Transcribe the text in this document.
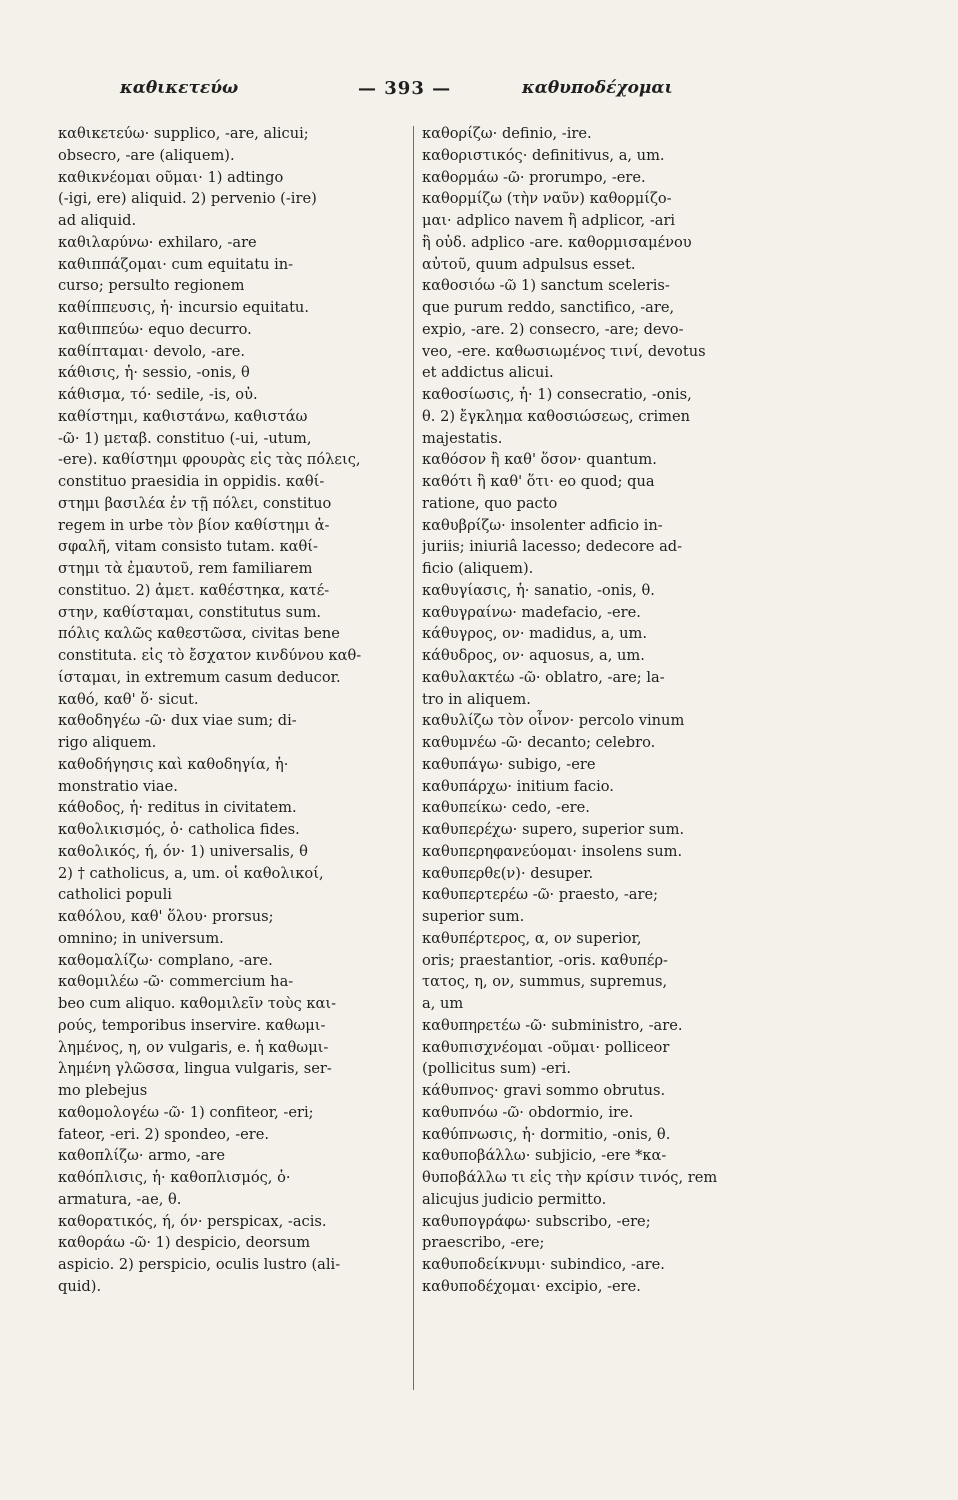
καθικετεύω	— 393 —	καθυποδέχομαι
καθικετεύω· supplico, -are, alicui;
obsecro, -are (aliquem).
καθικνέομαι οῦμαι· 1) adtingo
(-igi, ere) aliquid. 2) pervenio (-ire)
ad aliquid.
καθιλαρύνω· exhilaro, -are
καθιππάζομαι· cum equitatu in-
curso; persulto regionem
καθίππευσις, ἡ· incursio equitatu.
καθιππεύω· equo decurro.
καθίπταμαι· devolo, -are.
κάθισις, ἡ· sessio, -onis, θ
κάθισμα, τό· sedile, -is, οὐ.
καθίστημι, καθιστάνω, καθιστάω
-ῶ· 1) μεταβ. constituo (-ui, -utum,
-ere). καθίστημι φρουρὰς εἰς τὰς πόλεις,
constituo praesidia in oppidis. καθί-
στημι βασιλέα ἐν τῇ πόλει, constituo
regem in urbe τὸν βίον καθίστημι ἀ-
σφαλῆ, vitam consisto tutam. καθί-
στημι τὰ ἐμαυτοῦ, rem familiarem
constituo. 2) ἀμετ. καθέστηκα, κατέ-
στην, καθίσταμαι, constitutus sum.
πόλις καλῶς καθεστῶσα, civitas bene
constituta. εἰς τὸ ἔσχατον κινδύνου καθ-
ίσταμαι, in extremum casum deducor.
καθό, καθ' ὅ· sicut.
καθοδηγέω -ῶ· dux viae sum; di-
rigo aliquem.
καθοδήγησις καὶ καθοδηγία, ἡ·
monstratio viae.
κάθοδος, ἡ· reditus in civitatem.
καθολικισμός, ὁ· catholica fides.
καθολικός, ή, όν· 1) universalis, θ
2) † catholicus, a, um. οἱ καθολικοί,
catholici populi
καθόλου, καθ' ὅλου· prorsus;
omnino; in universum.
καθομαλίζω· complano, -are.
καθομιλέω -ῶ· commercium ha-
beo cum aliquo. καθομιλεῖν τοὺς και-
ρούς, temporibus inservire. καθωμι-
λημένος, η, ον vulgaris, e. ἡ καθωμι-
λημένη γλῶσσα, lingua vulgaris, ser-
mo plebejus
καθομολογέω -ῶ· 1) confiteor, -eri;
fateor, -eri. 2) spondeo, -ere.
καθοπλίζω· armo, -are
καθόπλισις, ἡ· καθοπλισμός, ὁ·
armatura, -ae, θ.
καθορατικός, ή, όν· perspicax, -acis.
καθοράω -ῶ· 1) despicio, deorsum
aspicio. 2) perspicio, oculis lustro (ali-
quid).
καθορίζω· definio, -ire.
καθοριστικός· definitivus, a, um.
καθορμάω -ῶ· prorumpo, -ere.
καθορμίζω (τὴν ναῦν) καθορμίζο-
μαι· adplico navem ἢ adplicor, -ari
ἢ οὐδ. adplico -are. καθορμισαμένου
αὐτοῦ, quum adpulsus esset.
καθοσιόω -ῶ 1) sanctum sceleris-
que purum reddo, sanctifico, -are,
expio, -are. 2) consecro, -are; devo-
veo, -ere. καθωσιωμένος τινί, devotus
et addictus alicui.
καθοσίωσις, ἡ· 1) consecratio, -onis,
θ. 2) ἔγκλημα καθοσιώσεως, crimen
majestatis.
καθόσον ἢ καθ' ὅσον· quantum.
καθότι ἢ καθ' ὅτι· eo quod; qua
ratione, quo pacto
καθυβρίζω· insolenter adficio in-
juriis; iniuriâ lacesso; dedecore ad-
ficio (aliquem).
καθυγίασις, ἡ· sanatio, -onis, θ.
καθυγραίνω· madefacio, -ere.
κάθυγρος, ον· madidus, a, um.
κάθυδρος, ον· aquosus, a, um.
καθυλακτέω -ῶ· oblatro, -are; la-
tro in aliquem.
καθυλίζω τὸν οἶνον· percolo vinum
καθυμνέω -ῶ· decanto; celebro.
καθυπάγω· subigo, -ere
καθυπάρχω· initium facio.
καθυπείκω· cedo, -ere.
καθυπερέχω· supero, superior sum.
καθυπερηφανεύομαι· insolens sum.
καθυπερθε(ν)· desuper.
καθυπερτερέω -ῶ· praesto, -are;
superior sum.
καθυπέρτερος, α, ον superior,
oris; praestantior, -oris. καθυπέρ-
τατος, η, ον, summus, supremus,
a, um
καθυπηρετέω -ῶ· subministro, -are.
καθυπισχνέομαι -οῦμαι· polliceor
(pollicitus sum) -eri.
κάθυπνος· gravi sommo obrutus.
καθυπνόω -ῶ· obdormio, ire.
καθύπνωσις, ἡ· dormitio, -onis, θ.
καθυποβάλλω· subjicio, -ere *κα-
θυποβάλλω τι εἰς τὴν κρίσιν τινός, rem
alicujus judicio permitto.
καθυπογράφω· subscribo, -ere;
praescribo, -ere;
καθυποδείκνυμι· subindico, -are.
καθυποδέχομαι· excipio, -ere.
